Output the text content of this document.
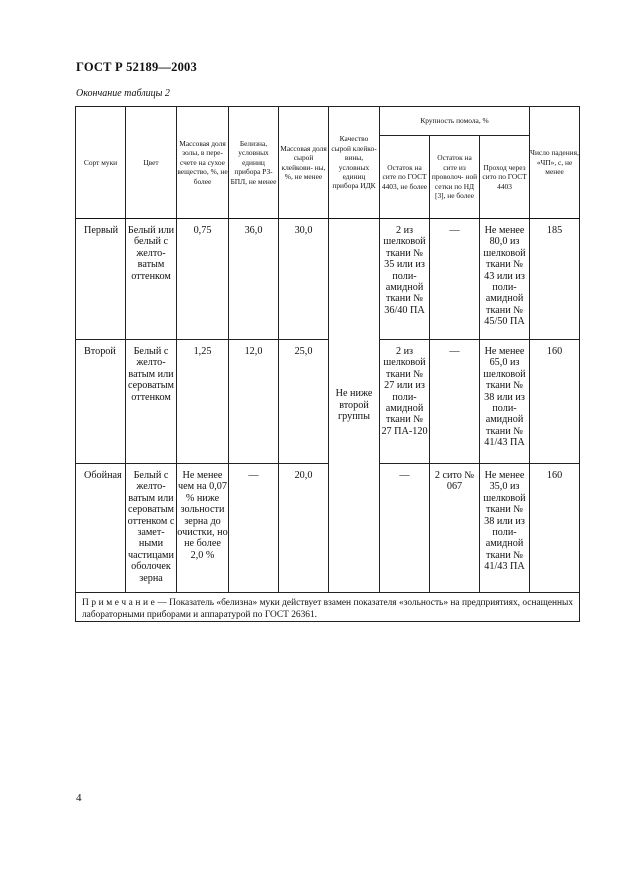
ГОСТ Р 52189—2003
Окончание таблицы 2
Сорт муки	Цвет	Массовая доля золы, в пере- счете на сухое вещество, %, не более	Белизна, условных единиц прибора РЗ-БПЛ, не менее	Массовая доля сырой клейкови- ны, %, не менее	Качество сырой клейко- вины, условных единиц прибора ИДК	Крупность помола, %			Число падения, «ЧП», с, не менее
						Остаток на сите по ГОСТ 4403, не более	Остаток на сите из проволоч- ной сетки по НД [3], не более	Проход через сито по ГОСТ 4403	
Первый	Белый или белый с желто- ватым оттенком	0,75	36,0	30,0	Не ниже второй группы	2 из шелковой ткани № 35 или из поли- амидной ткани № 36/40 ПА	—	Не менее 80,0 из шелковой ткани № 43 или из поли- амидной ткани № 45/50 ПА	185
Второй	Белый с желто- ватым или сероватым оттенком	1,25	12,0	25,0		2 из шелковой ткани № 27 или из поли- амидной ткани № 27 ПА-120	—	Не менее 65,0 из шелковой ткани № 38 или из поли- амидной ткани № 41/43 ПА	160
Обойная	Белый с желто- ватым или сероватым оттенком с замет- ными частицами оболочек зерна	Не менее чем на 0,07 % ниже зольности зерна до очистки, но не более 2,0 %	—	20,0		—	2 сито № 067	Не менее 35,0 из шелковой ткани № 38 или из поли- амидной ткани № 41/43 ПА	160
Примечание— Показатель «белизна» муки действует взамен показателя «зольность» на предприятиях, оснащенных лабораторными приборами и аппаратурой по ГОСТ 26361.									
4
